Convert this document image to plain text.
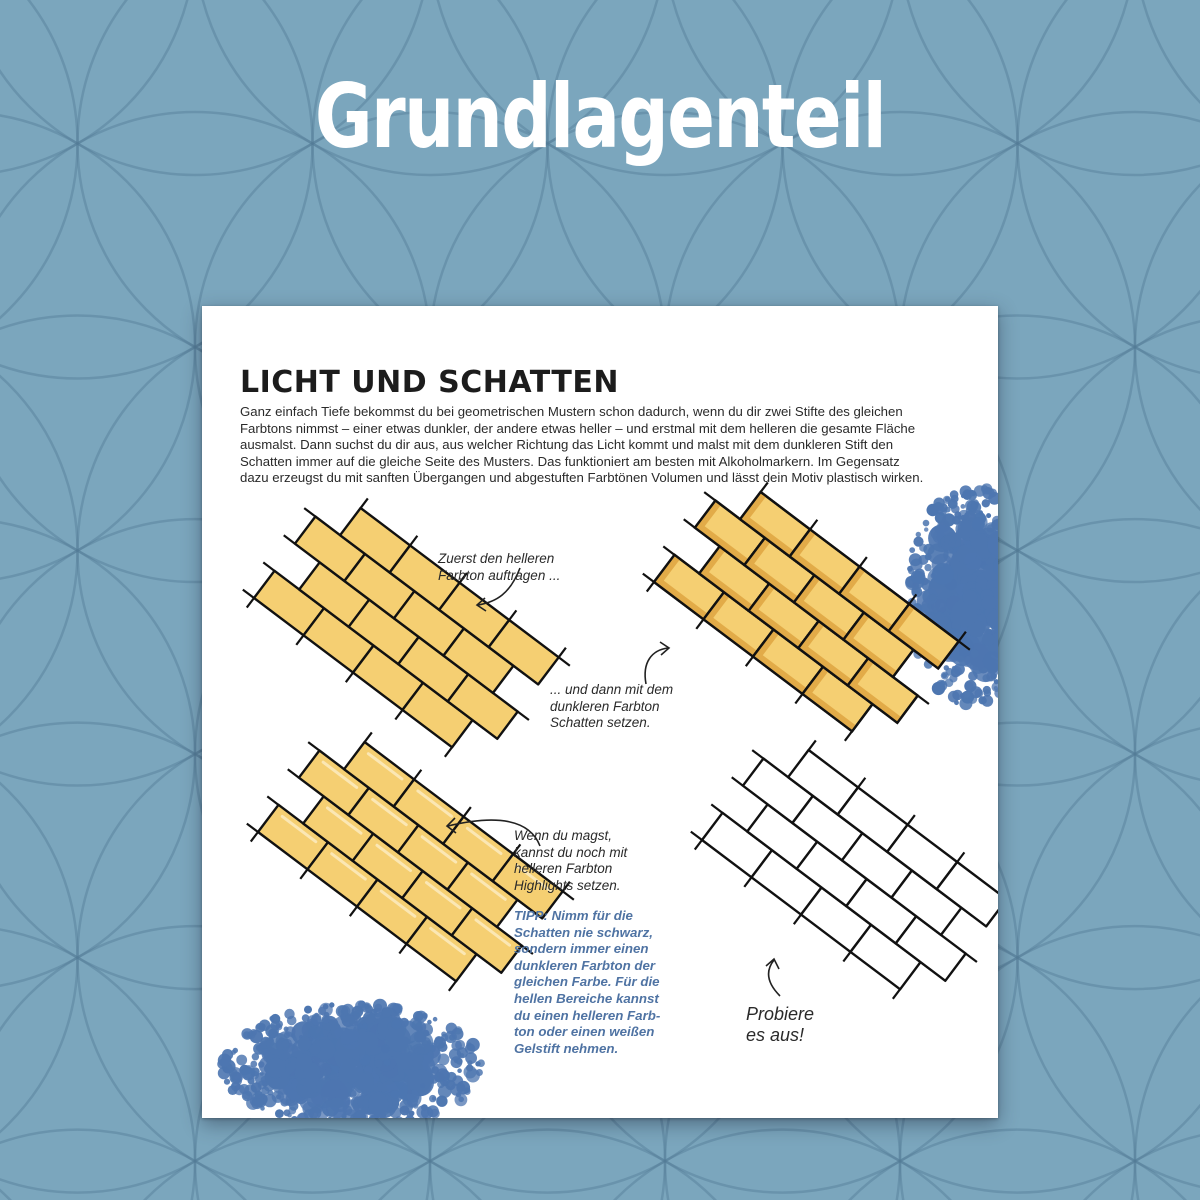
Grundlagenteil
LICHT UND SCHATTEN

Ganz einfach Tiefe bekommst du bei geometrischen Mustern schon dadurch, wenn du dir zwei Stifte des gleichen Farbtons nimmst – einer etwas dunkler, der andere etwas heller – und erstmal mit dem helleren die gesamte Fläche ausmalst. Dann suchst du dir aus, aus welcher Richtung das Licht kommt und malst mit dem dunkleren Stift den Schatten immer auf die gleiche Seite des Musters. Das funktioniert am besten mit Alkoholmarkern. Im Gegensatz dazu erzeugst du mit sanften Übergangen und abgestuften Farbtönen Volumen und lässt dein Motiv plastisch wirken.

Zuerst den helleren
Farbton auftragen ...

... und dann mit dem
dunkleren Farbton
Schatten setzen.

Wenn du magst,
kannst du noch mit
helleren Farbton
Highlights setzen.

TIPP: Nimm für die
Schatten nie schwarz,
sondern immer einen
dunkleren Farbton der
gleichen Farbe. Für die
hellen Bereiche kannst
du einen helleren Farb-
ton oder einen weißen
Gelstift nehmen.

Probiere
es aus!
